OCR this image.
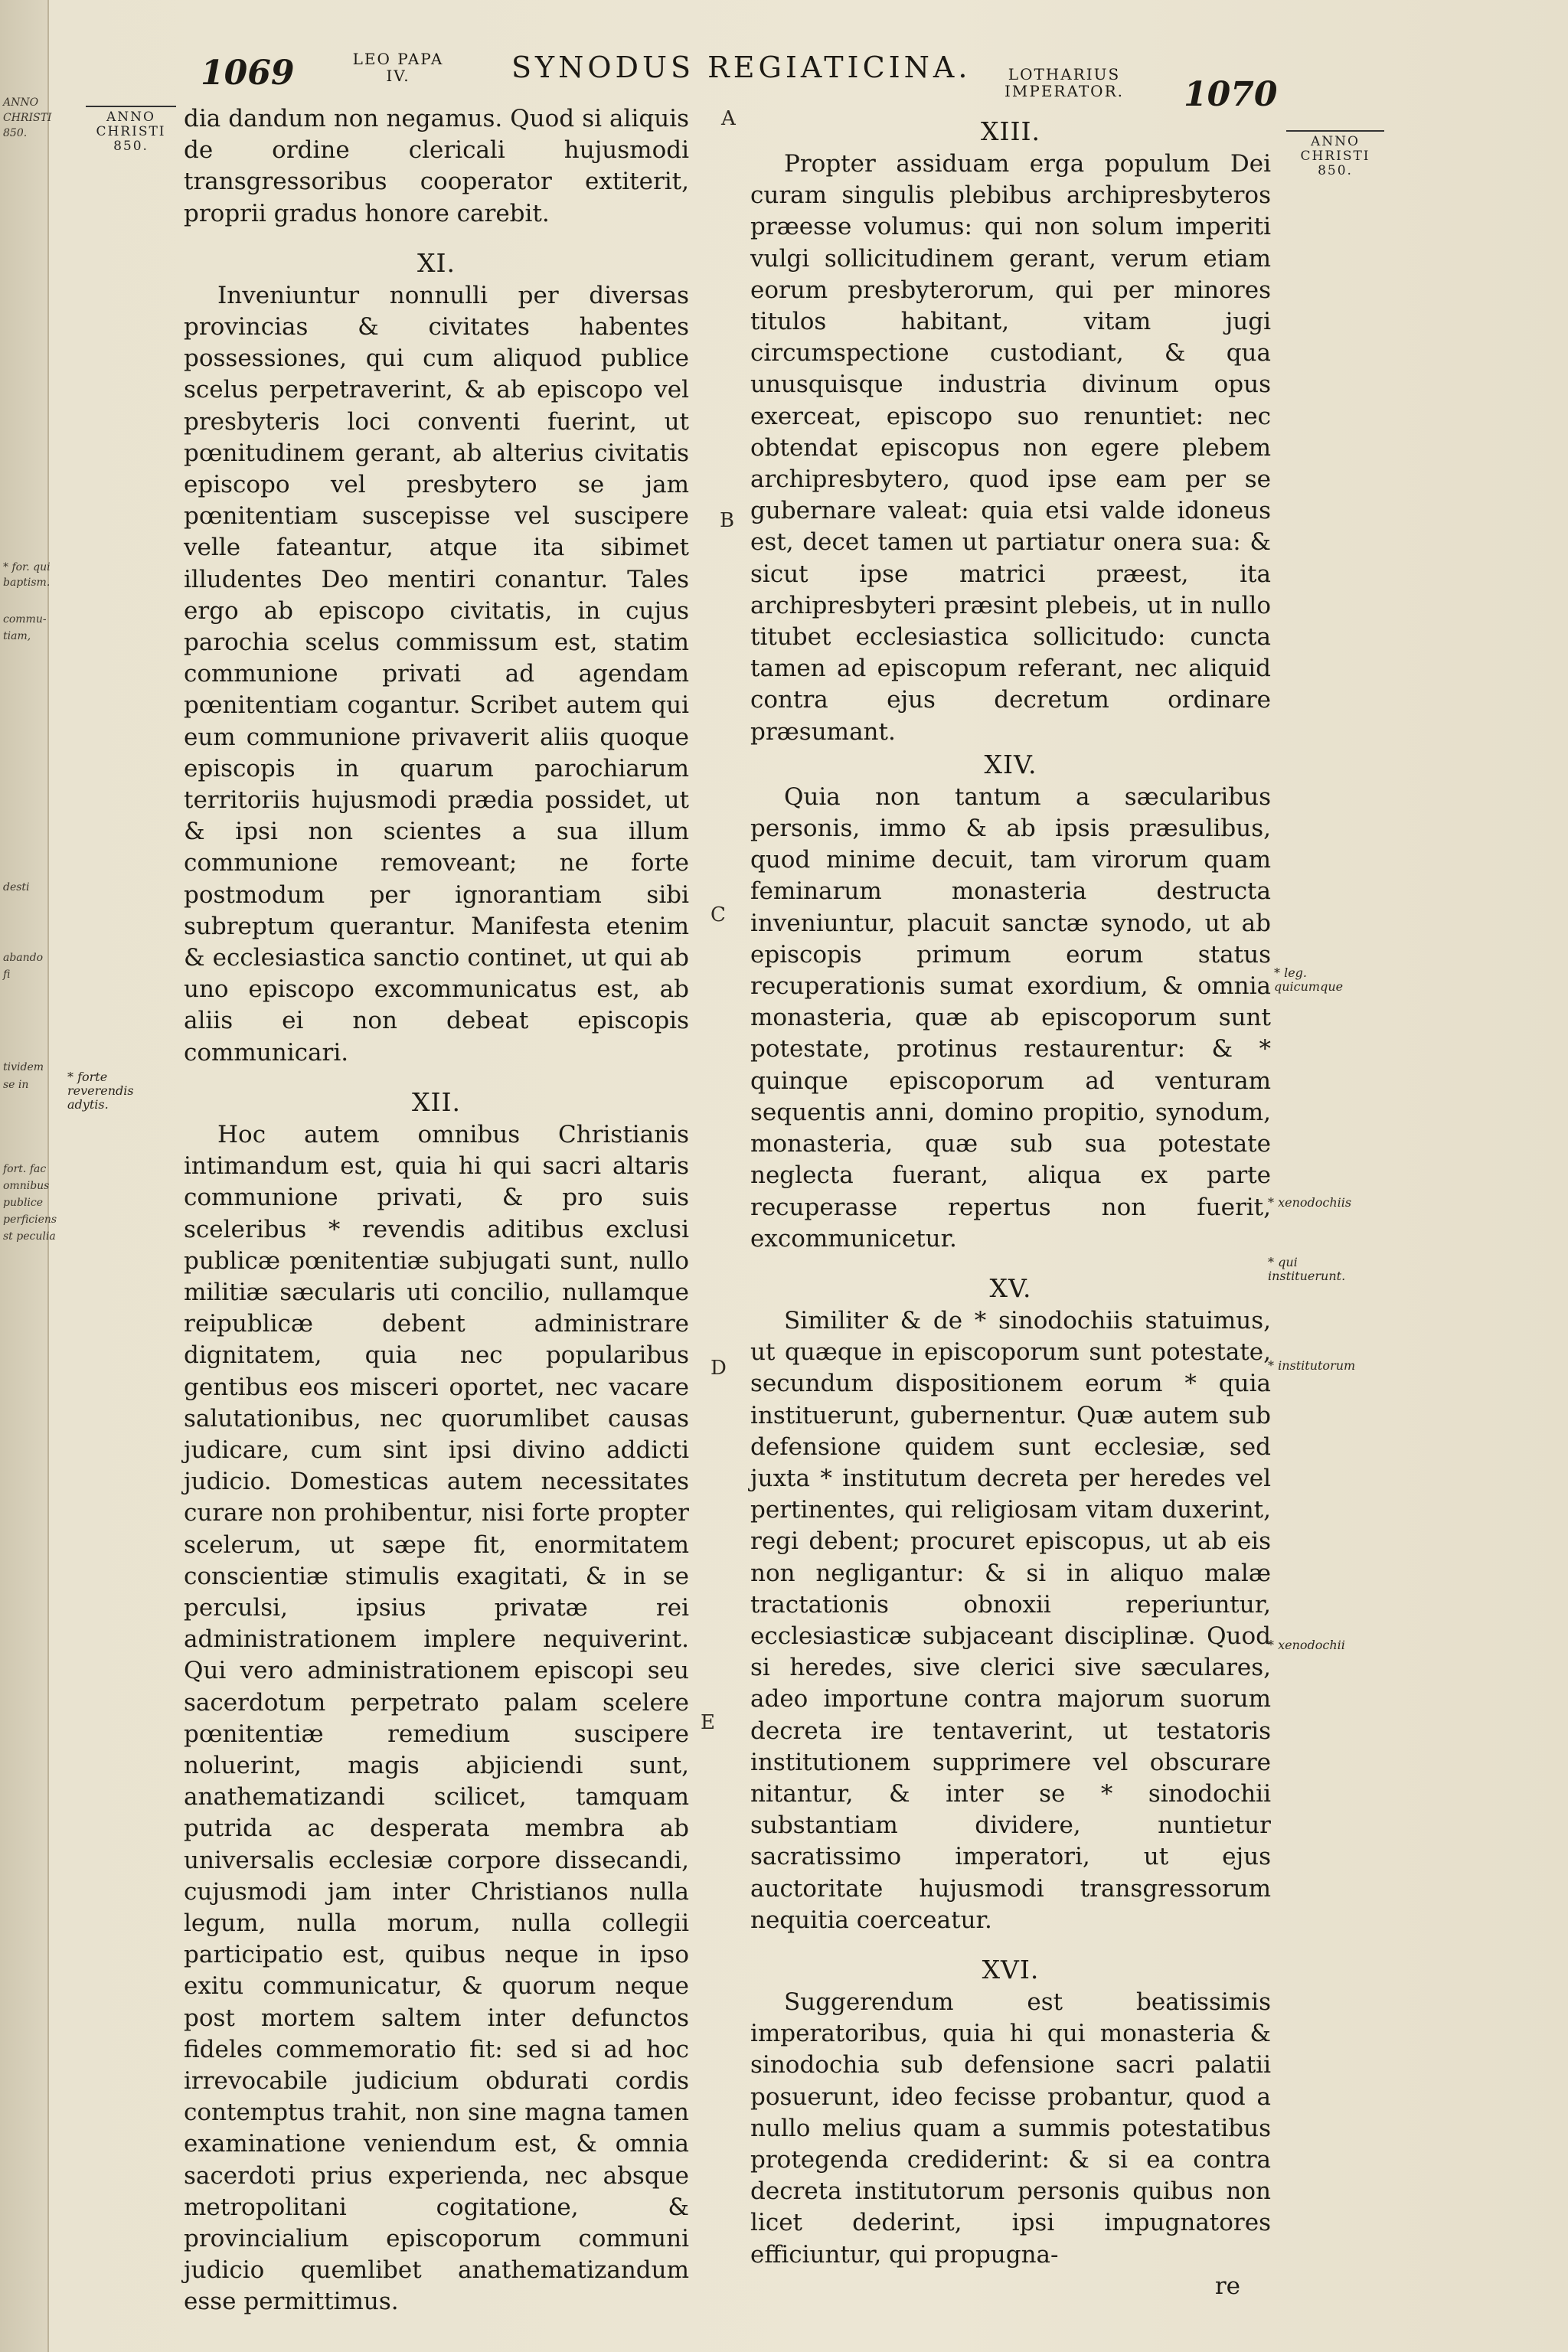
ANNO
CHRISTI
850.
* for. qui
baptism.
commu-
tiam,
desti
abando
fi
tividem
se in
fort. fac
omnibus
publice
perficiens
st peculia
1069	LEO PAPA
IV.	SYNODUS REGIATICINA.	LOTHARIUS
IMPERATOR.	1070
ANNO
CHRISTI
850.	ANNO
CHRISTI
850.

dia dandum non negamus. Quod si aliquis de ordine clericali hujusmodi transgressoribus cooperator extiterit, proprii gradus honore carebit.

XI.

Inveniuntur nonnulli per diversas provincias & civitates habentes possessiones, qui cum aliquod publice scelus perpetraverint, & ab episcopo vel presbyteris loci conventi fuerint, ut pœnitudinem gerant, ab alterius civitatis episcopo vel presbytero se jam pœnitentiam suscepisse vel suscipere velle fateantur, atque ita sibimet illudentes Deo mentiri conantur. Tales ergo ab episcopo civitatis, in cujus parochia scelus commissum est, statim communione privati ad agendam pœnitentiam cogantur. Scribet autem qui eum communione privaverit aliis quoque episcopis in quarum parochiarum territoriis hujusmodi prædia possidet, ut & ipsi non scientes a sua illum communione removeant; ne forte postmodum per ignorantiam sibi subreptum querantur. Manifesta etenim & ecclesiastica sanctio continet, ut qui ab uno episcopo excommunicatus est, ab aliis ei non debeat episcopis communicari.

XII.

Hoc autem omnibus Christianis intimandum est, quia hi qui sacri altaris communione privati, & pro suis sceleribus * revendis aditibus exclusi publicæ pœnitentiæ subjugati sunt, nullo militiæ sæcularis uti concilio, nullamque reipublicæ debent administrare dignitatem, quia nec popularibus gentibus eos misceri oportet, nec vacare salutationibus, nec quorumlibet causas judicare, cum sint ipsi divino addicti judicio. Domesticas autem necessitates curare non prohibentur, nisi forte propter scelerum, ut sæpe fit, enormitatem conscientiæ stimulis exagitati, & in se perculsi, ipsius privatæ rei administrationem implere nequiverint. Qui vero administrationem episcopi seu sacerdotum perpetrato palam scelere pœnitentiæ remedium suscipere noluerint, magis abjiciendi sunt, anathematizandi scilicet, tamquam putrida ac desperata membra ab universalis ecclesiæ corpore dissecandi, cujusmodi jam inter Christianos nulla legum, nulla morum, nulla collegii participatio est, quibus neque in ipso exitu communicatur, & quorum neque post mortem saltem inter defunctos fideles commemoratio fit: sed si ad hoc irrevocabile judicium obdurati cordis contemptus trahit, non sine magna tamen examinatione veniendum est, & omnia sacerdoti prius experienda, nec absque metropolitani cogitatione, & provincialium episcoporum communi judicio quemlibet anathematizandum esse permittimus.

XIII.

Propter assiduam erga populum Dei curam singulis plebibus archipresbyteros præesse volumus: qui non solum imperiti vulgi sollicitudinem gerant, verum etiam eorum presbyterorum, qui per minores titulos habitant, vitam jugi circumspectione custodiant, & qua unusquisque industria divinum opus exerceat, episcopo suo renuntiet: nec obtendat episcopus non egere plebem archipresbytero, quod ipse eam per se gubernare valeat: quia etsi valde idoneus est, decet tamen ut partiatur onera sua: & sicut ipse matrici præest, ita archipresbyteri præsint plebeis, ut in nullo titubet ecclesiastica sollicitudo: cuncta tamen ad episcopum referant, nec aliquid contra ejus decretum ordinare præsumant.

XIV.

Quia non tantum a sæcularibus personis, immo & ab ipsis præsulibus, quod minime decuit, tam virorum quam feminarum monasteria destructa inveniuntur, placuit sanctæ synodo, ut ab episcopis primum eorum status recuperationis sumat exordium, & omnia monasteria, quæ ab episcoporum sunt potestate, protinus restaurentur: & * quinque episcoporum ad venturam sequentis anni, domino propitio, synodum, monasteria, quæ sub sua potestate neglecta fuerant, aliqua ex parte recuperasse repertus non fuerit, excommunicetur.

XV.

Similiter & de * sinodochiis statuimus, ut quæque in episcoporum sunt potestate, secundum dispositionem eorum * quia instituerunt, gubernentur. Quæ autem sub defensione quidem sunt ecclesiæ, sed juxta * institutum decreta per heredes vel pertinentes, qui religiosam vitam duxerint, regi debent; procuret episcopus, ut ab eis non negligantur: & si in aliquo malæ tractationis obnoxii reperiuntur, ecclesiasticæ subjaceant disciplinæ. Quod si heredes, sive clerici sive sæculares, adeo importune contra majorum suorum decreta ire tentaverint, ut testatoris institutionem supprimere vel obscurare nitantur, & inter se * sinodochii substantiam dividere, nuntietur sacratissimo imperatori, ut ejus auctoritate hujusmodi transgressorum nequitia coerceatur.

XVI.

Suggerendum est beatissimis imperatoribus, quia hi qui monasteria & sinodochia sub defensione sacri palatii posuerunt, ideo fecisse probantur, quod a nullo melius quam a summis potestatibus protegenda crediderint: & si ea contra decreta institutorum personis quibus non licet dederint, ipsi impugnatores efficiuntur, qui propugna-

re
A
B
C
D
E
* forte reverendis adytis.
* leg. quicumque
* xenodochiis
* qui instituerunt.
* institutorum
* xenodochii
